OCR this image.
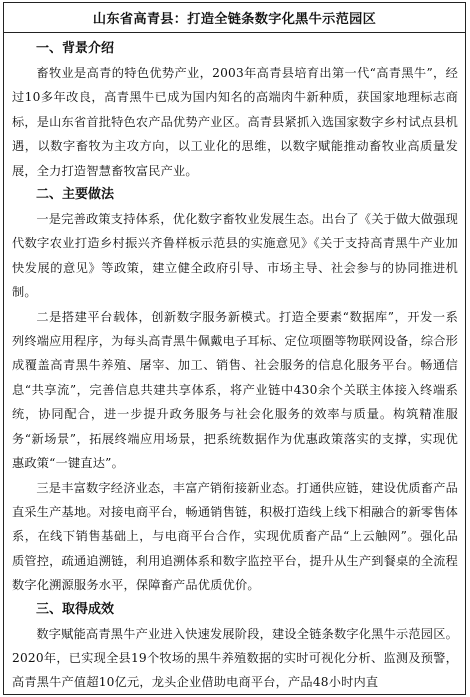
山东省高青县：打造全链条数字化黑牛示范园区

一、背景介绍

畜牧业是高青的特色优势产业，2003年高青县培育出第一代“高青黑牛”，经过10多年改良，高青黑牛已成为国内知名的高端肉牛新种质，获国家地理标志商标，是山东省首批特色农产品优势产业区。高青县紧抓入选国家数字乡村试点县机遇，以数字畜牧为主攻方向，以工业化的思维，以数字赋能推动畜牧业高质量发展，全力打造智慧畜牧富民产业。

二、主要做法

一是完善政策支持体系，优化数字畜牧业发展生态。出台了《关于做大做强现代数字农业打造乡村振兴齐鲁样板示范县的实施意见》《关于支持高青黑牛产业加快发展的意见》等政策，建立健全政府引导、市场主导、社会参与的协同推进机制。

二是搭建平台载体，创新数字服务新模式。打造全要素“数据库”，开发一系列终端应用程序，为每头高青黑牛佩戴电子耳标、定位项圈等物联网设备，综合形成覆盖高青黑牛养殖、屠宰、加工、销售、社会服务的信息化服务平台。畅通信息“共享流”，完善信息共建共享体系，将产业链中430余个关联主体接入终端系统，协同配合，进一步提升政务服务与社会化服务的效率与质量。构筑精准服务“新场景”，拓展终端应用场景，把系统数据作为优惠政策落实的支撑，实现优惠政策“一键直达”。

三是丰富数字经济业态，丰富产销衔接新业态。打通供应链，建设优质畜产品直采生产基地。对接电商平台，畅通销售链，积极打造线上线下相融合的新零售体系，在线下销售基础上，与电商平台合作，实现优质畜产品“上云触网”。强化品质管控，疏通追溯链，利用追溯体系和数字监控平台，提升从生产到餐桌的全流程数字化溯源服务水平，保障畜产品优质优价。

三、取得成效

数字赋能高青黑牛产业进入快速发展阶段，建设全链条数字化黑牛示范园区。2020年，已实现全县19个牧场的黑牛养殖数据的实时可视化分析、监测及预警，高青黑牛产值超10亿元，龙头企业借助电商平台，产品48小时内直
